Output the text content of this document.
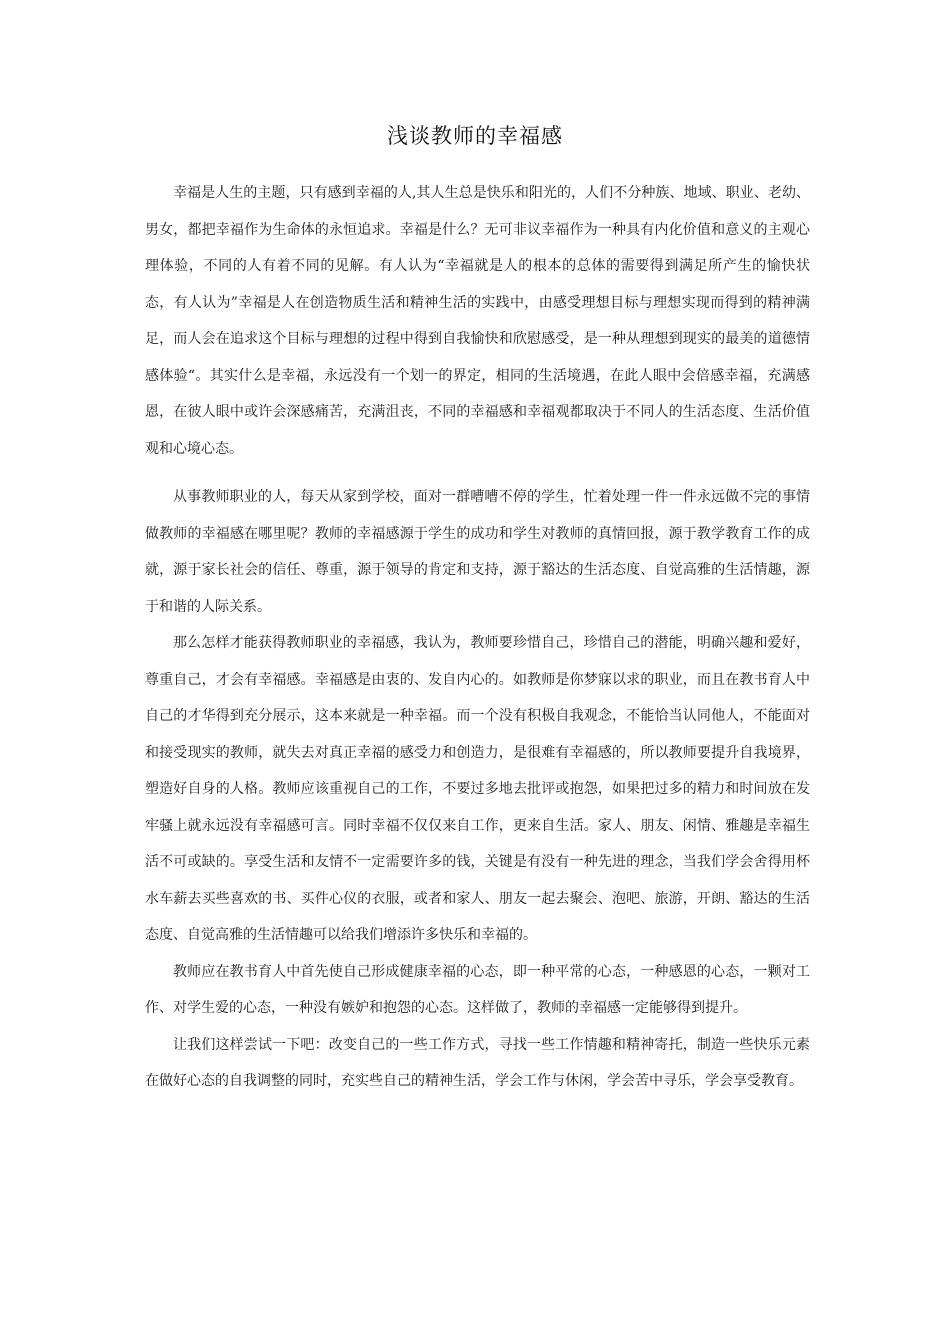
浅谈教师的幸福感

幸福是人生的主题，只有感到幸福的人,其人生总是快乐和阳光的，人们不分种族、地域、职业、老幼、男女，都把幸福作为生命体的永恒追求。幸福是什么？无可非议幸福作为一种具有内化价值和意义的主观心理体验，不同的人有着不同的见解。有人认为“幸福就是人的根本的总体的需要得到满足所产生的愉快状态，有人认为”幸福是人在创造物质生活和精神生活的实践中，由感受理想目标与理想实现而得到的精神满足，而人会在追求这个目标与理想的过程中得到自我愉快和欣慰感受，是一种从理想到现实的最美的道德情感体验“。其实什么是幸福，永远没有一个划一的界定，相同的生活境遇，在此人眼中会倍感幸福，充满感恩，在彼人眼中或许会深感痛苦，充满沮丧，不同的幸福感和幸福观都取决于不同人的生活态度、生活价值观和心境心态。

从事教师职业的人，每天从家到学校，面对一群嘈嘈不停的学生，忙着处理一件一件永远做不完的事情做教师的幸福感在哪里呢？教师的幸福感源于学生的成功和学生对教师的真情回报，源于教学教育工作的成就，源于家长社会的信任、尊重，源于领导的肯定和支持，源于豁达的生活态度、自觉高雅的生活情趣，源于和谐的人际关系。

那么怎样才能获得教师职业的幸福感，我认为，教师要珍惜自己，珍惜自己的潜能，明确兴趣和爱好，尊重自己，才会有幸福感。幸福感是由衷的、发自内心的。如教师是你梦寐以求的职业，而且在教书育人中自己的才华得到充分展示，这本来就是一种幸福。而一个没有积极自我观念，不能恰当认同他人，不能面对和接受现实的教师，就失去对真正幸福的感受力和创造力，是很难有幸福感的，所以教师要提升自我境界，塑造好自身的人格。教师应该重视自己的工作，不要过多地去批评或抱怨，如果把过多的精力和时间放在发牢骚上就永远没有幸福感可言。同时幸福不仅仅来自工作，更来自生活。家人、朋友、闲情、雅趣是幸福生活不可或缺的。享受生活和友情不一定需要许多的钱，关键是有没有一种先进的理念，当我们学会舍得用杯水车薪去买些喜欢的书、买件心仪的衣服，或者和家人、朋友一起去聚会、泡吧、旅游，开朗、豁达的生活态度、自觉高雅的生活情趣可以给我们增添许多快乐和幸福的。

教师应在教书育人中首先使自己形成健康幸福的心态，即一种平常的心态，一种感恩的心态，一颗对工作、对学生爱的心态，一种没有嫉妒和抱怨的心态。这样做了，教师的幸福感一定能够得到提升。

让我们这样尝试一下吧：改变自己的一些工作方式，寻找一些工作情趣和精神寄托，制造一些快乐元素在做好心态的自我调整的同时，充实些自己的精神生活，学会工作与休闲，学会苦中寻乐，学会享受教育。
